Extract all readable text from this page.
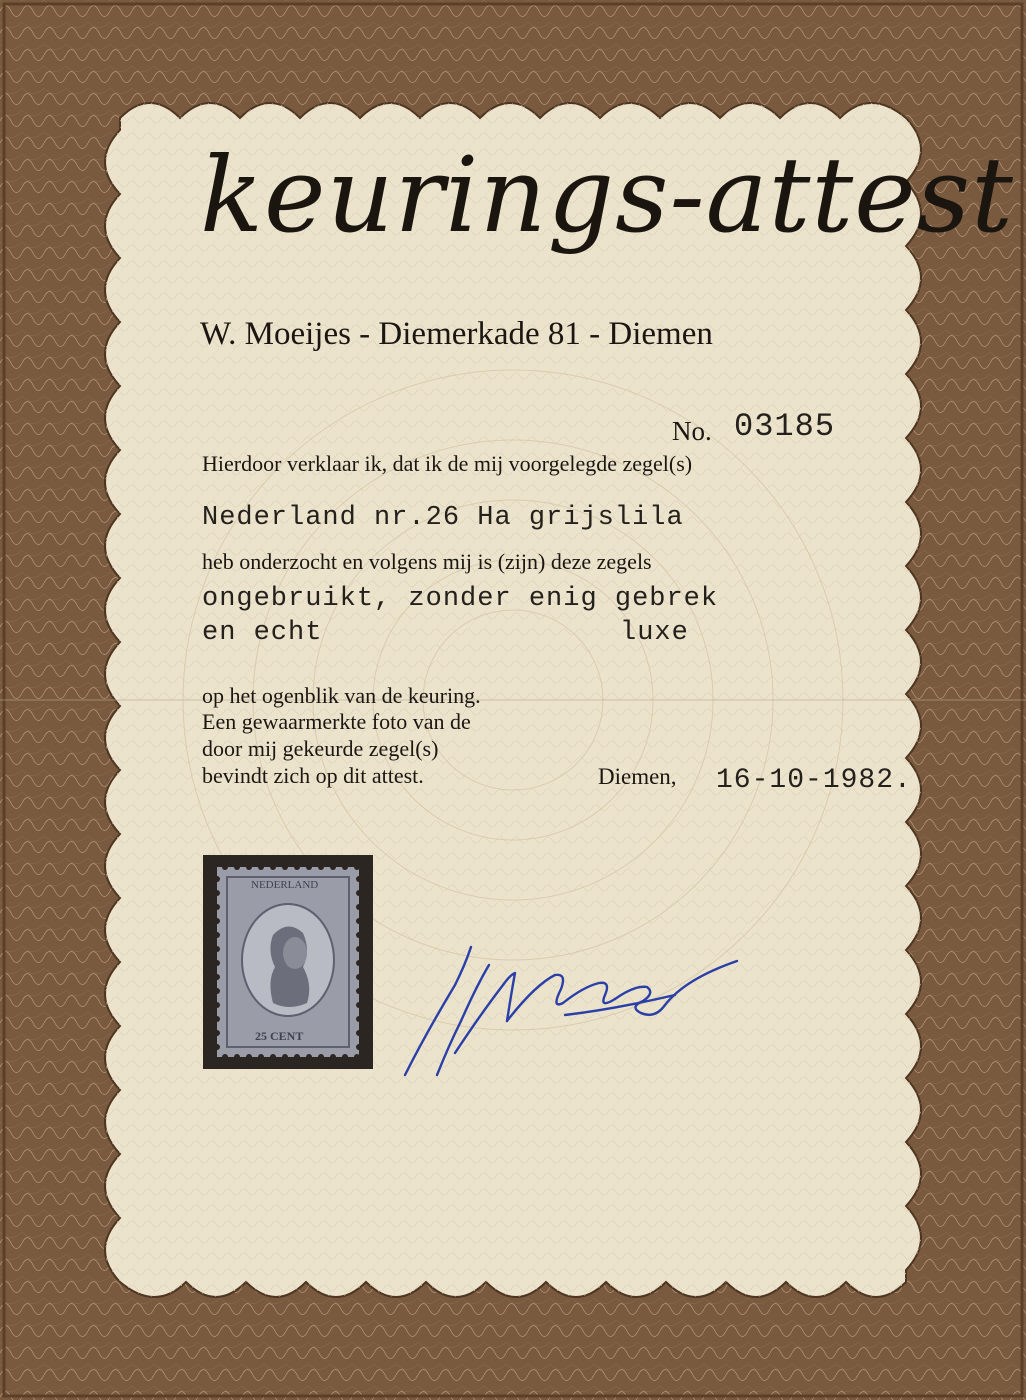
keurings-attest
W. Moeijes - Diemerkade 81 - Diemen
No. 03185
Hierdoor verklaar ik, dat ik de mij voorgelegde zegel(s)
Nederland nr.26 Ha grijslila
heb onderzocht en volgens mij is (zijn) deze zegels
ongebruikt, zonder enig gebrek
en echt	luxe
op het ogenblik van de keuring.
Een gewaarmerkte foto van de
door mij gekeurde zegel(s)
bevindt zich op dit attest.	Diemen, 16-10-1982.
NEDERLAND
25 CENT
